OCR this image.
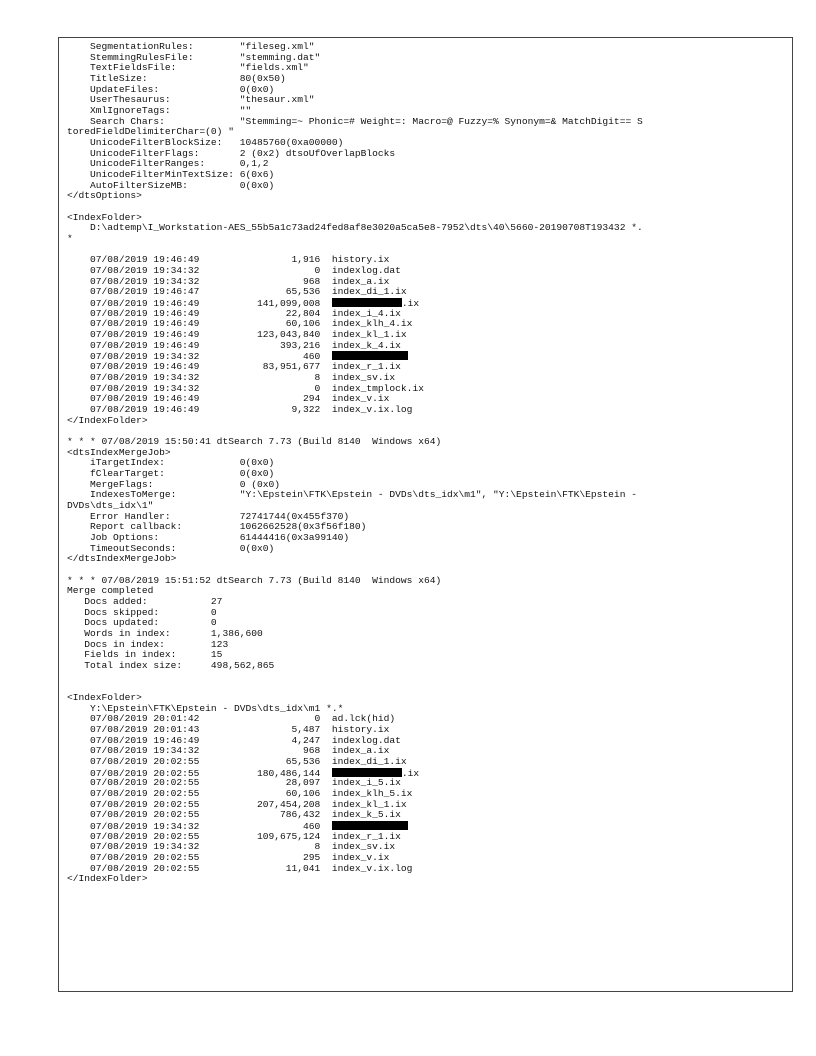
SegmentationRules:        "fileseg.xml"
StemmingRulesFile:        "stemming.dat"
TextFieldsFile:           "fields.xml"
TitleSize:                80(0x50)
UpdateFiles:              0(0x0)
UserThesaurus:            "thesaur.xml"
XmlIgnoreTags:            ""
Search Chars:             "Stemming=~ Phonic=# Weight=: Macro=@ Fuzzy=% Synonym=& MatchDigit== S
toredFieldDelimiterChar=(0) "
UnicodeFilterBlockSize:   10485760(0xa00000)
UnicodeFilterFlags:       2 (0x2) dtsoUfOverlapBlocks
UnicodeFilterRanges:      0,1,2
UnicodeFilterMinTextSize: 6(0x6)
AutoFilterSizeMB:         0(0x0)
</dtsOptions>
<IndexFolder>
D:\adtemp\I_Workstation-AES_55b5a1c73ad24fed8af8e3020a5ca5e8-7952\dts\40\5660-20190708T193432 *.
*
07/08/2019 19:46:49                1,916  history.ix
07/08/2019 19:34:32                    0  indexlog.dat
07/08/2019 19:34:32                  968  index_a.ix
07/08/2019 19:46:47               65,536  index_di_1.ix
07/08/2019 19:46:49          141,099,008	.ix
07/08/2019 19:46:49               22,804  index_i_4.ix
07/08/2019 19:46:49               60,106  index_klh_4.ix
07/08/2019 19:46:49          123,043,840  index_kl_1.ix
07/08/2019 19:46:49              393,216  index_k_4.ix
07/08/2019 19:34:32                  460
07/08/2019 19:46:49           83,951,677  index_r_1.ix
07/08/2019 19:34:32                    8  index_sv.ix
07/08/2019 19:34:32                    0  index_tmplock.ix
07/08/2019 19:46:49                  294  index_v.ix
07/08/2019 19:46:49                9,322  index_v.ix.log
</IndexFolder>
* * * 07/08/2019 15:50:41 dtSearch 7.73 (Build 8140  Windows x64)
<dtsIndexMergeJob>
iTargetIndex:             0(0x0)
fClearTarget:             0(0x0)
MergeFlags:               0 (0x0)
IndexesToMerge:           "Y:\Epstein\FTK\Epstein - DVDs\dts_idx\m1", "Y:\Epstein\FTK\Epstein -
DVDs\dts_idx\1"
Error Handler:            72741744(0x455f370)
Report callback:          1062662528(0x3f56f180)
Job Options:              61444416(0x3a99140)
TimeoutSeconds:           0(0x0)
</dtsIndexMergeJob>
* * * 07/08/2019 15:51:52 dtSearch 7.73 (Build 8140  Windows x64)
Merge completed
Docs added:           27
Docs skipped:         0
Docs updated:         0
Words in index:       1,386,600
Docs in index:        123
Fields in index:      15
Total index size:     498,562,865
<IndexFolder>
Y:\Epstein\FTK\Epstein - DVDs\dts_idx\m1 *.*
07/08/2019 20:01:42                    0  ad.lck(hid)
07/08/2019 20:01:43                5,487  history.ix
07/08/2019 19:46:49                4,247  indexlog.dat
07/08/2019 19:34:32                  968  index_a.ix
07/08/2019 20:02:55               65,536  index_di_1.ix
07/08/2019 20:02:55          180,486,144	.ix
07/08/2019 20:02:55               28,097  index_i_5.ix
07/08/2019 20:02:55               60,106  index_klh_5.ix
07/08/2019 20:02:55          207,454,208  index_kl_1.ix
07/08/2019 20:02:55              786,432  index_k_5.ix
07/08/2019 19:34:32                  460
07/08/2019 20:02:55          109,675,124  index_r_1.ix
07/08/2019 19:34:32                    8  index_sv.ix
07/08/2019 20:02:55                  295  index_v.ix
07/08/2019 20:02:55               11,041  index_v.ix.log
</IndexFolder>
